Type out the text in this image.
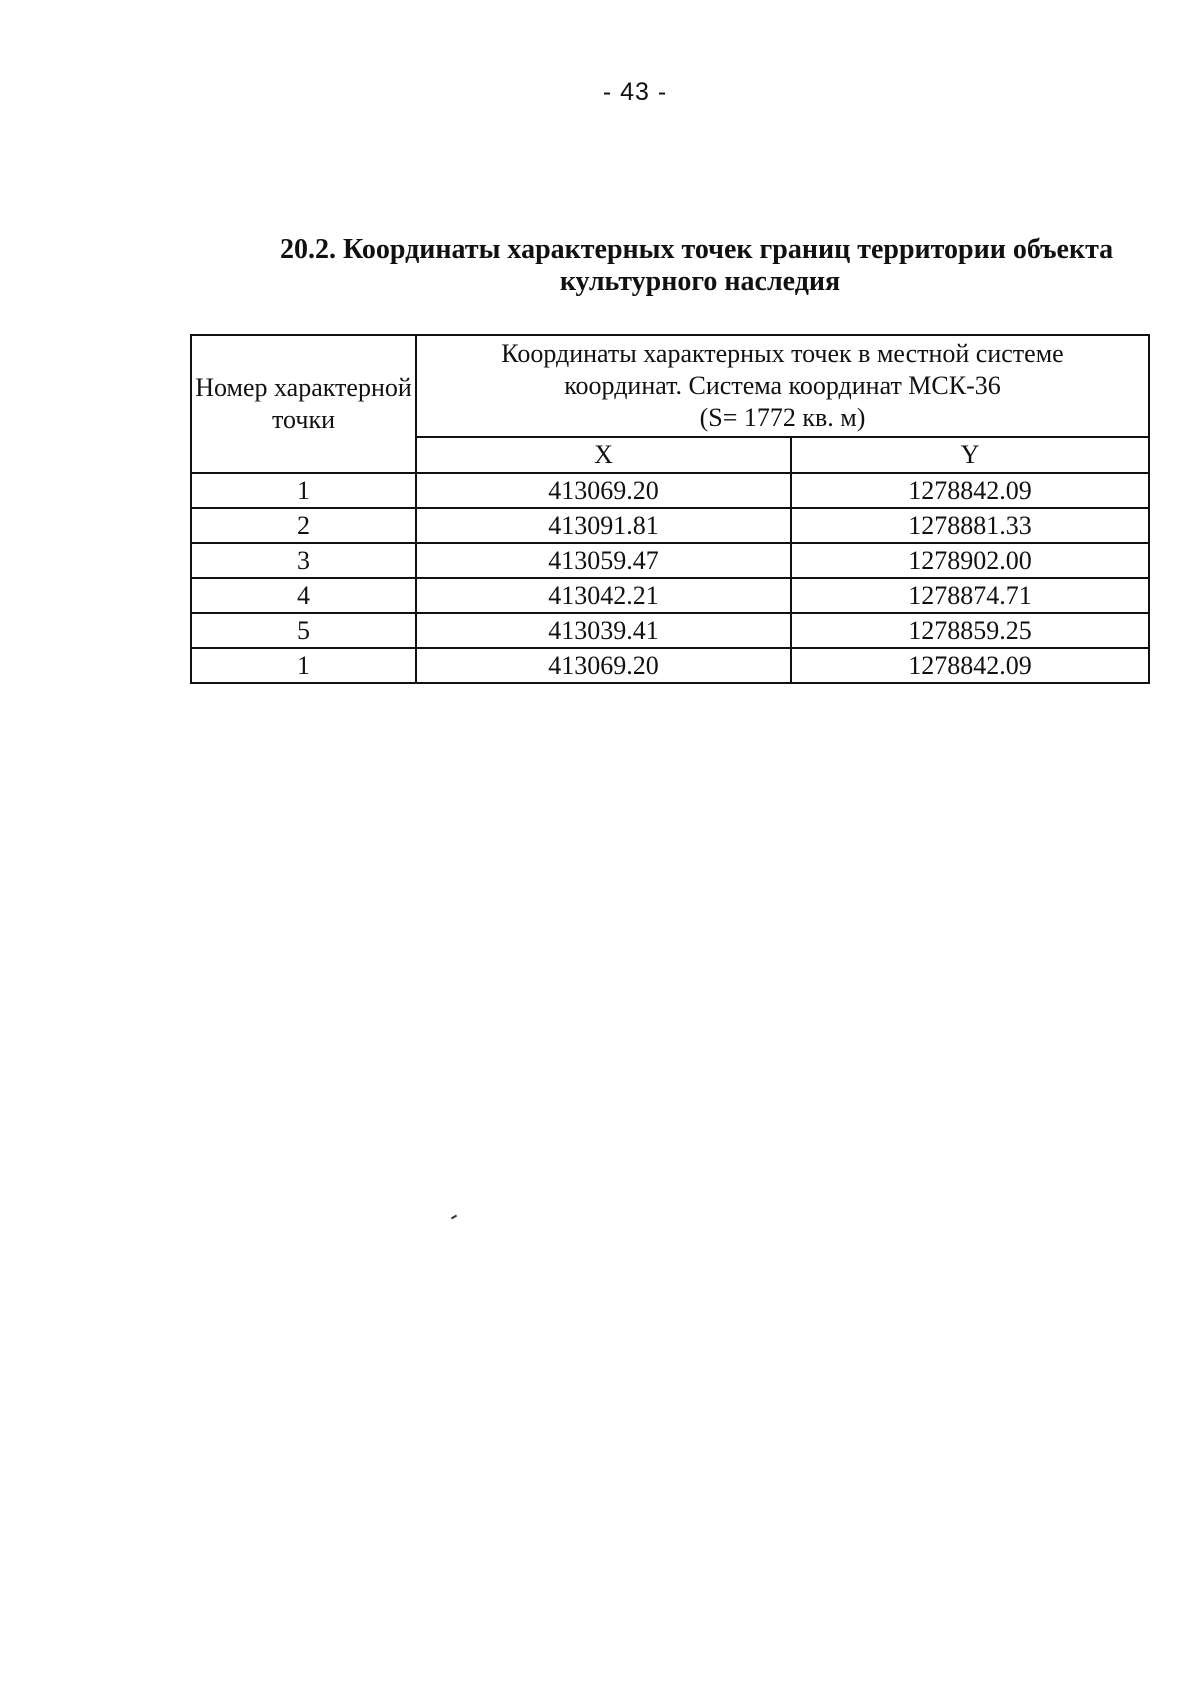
- 43 -
20.2. Координаты характерных точек границ территории объекта
культурного наследия
Номер характерной точки	Координаты характерных точек в местной системе
координат. Система координат МСК-36
(S= 1772 кв. м)	

	X	Y
1	413069.20	1278842.09
2	413091.81	1278881.33
3	413059.47	1278902.00
4	413042.21	1278874.71
5	413039.41	1278859.25
1	413069.20	1278842.09
